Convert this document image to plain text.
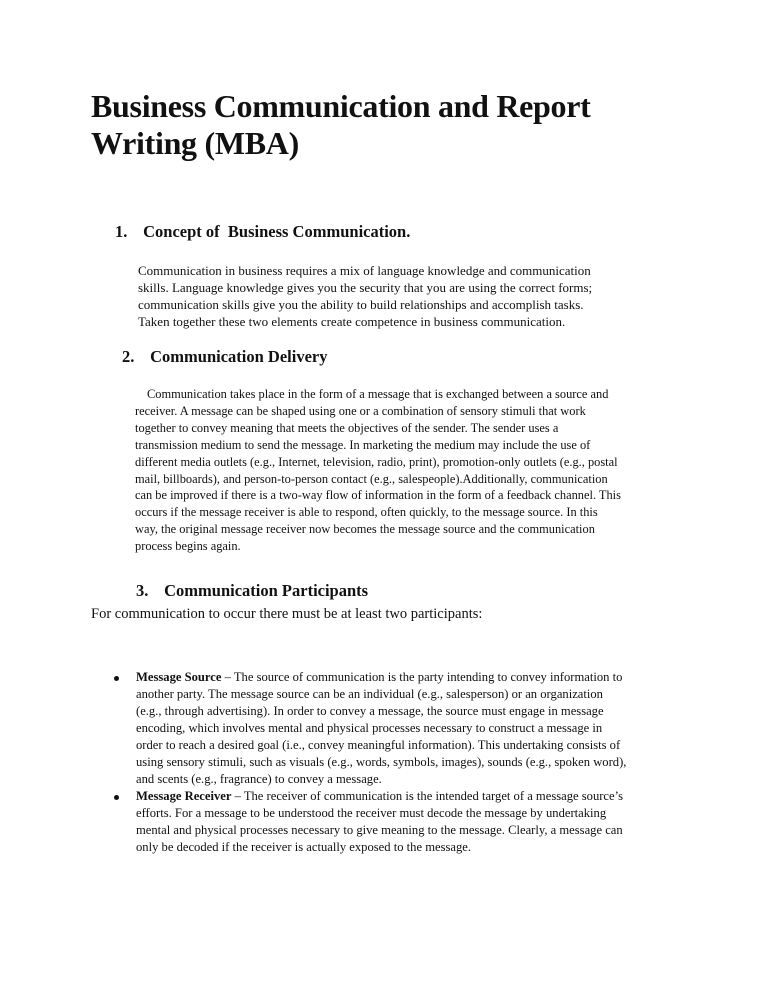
Business Communication and Report
Writing (MBA)
1. Concept of  Business Communication.
Communication in business requires a mix of language knowledge and communication
skills. Language knowledge gives you the security that you are using the correct forms;
communication skills give you the ability to build relationships and accomplish tasks.
Taken together these two elements create competence in business communication.
2. Communication Delivery
Communication takes place in the form of a message that is exchanged between a source and
receiver. A message can be shaped using one or a combination of sensory stimuli that work
together to convey meaning that meets the objectives of the sender. The sender uses a
transmission medium to send the message. In marketing the medium may include the use of
different media outlets (e.g., Internet, television, radio, print), promotion-only outlets (e.g., postal
mail, billboards), and person-to-person contact (e.g., salespeople).Additionally, communication
can be improved if there is a two-way flow of information in the form of a feedback channel. This
occurs if the message receiver is able to respond, often quickly, to the message source. In this
way, the original message receiver now becomes the message source and the communication
process begins again.
3. Communication Participants

For communication to occur there must be at least two participants:

Message Source – The source of communication is the party intending to convey information to
another party. The message source can be an individual (e.g., salesperson) or an organization
(e.g., through advertising). In order to convey a message, the source must engage in message
encoding, which involves mental and physical processes necessary to construct a message in
order to reach a desired goal (i.e., convey meaningful information). This undertaking consists of
using sensory stimuli, such as visuals (e.g., words, symbols, images), sounds (e.g., spoken word),
and scents (e.g., fragrance) to convey a message.
Message Receiver – The receiver of communication is the intended target of a message source’s
efforts. For a message to be understood the receiver must decode the message by undertaking
mental and physical processes necessary to give meaning to the message. Clearly, a message can
only be decoded if the receiver is actually exposed to the message.
